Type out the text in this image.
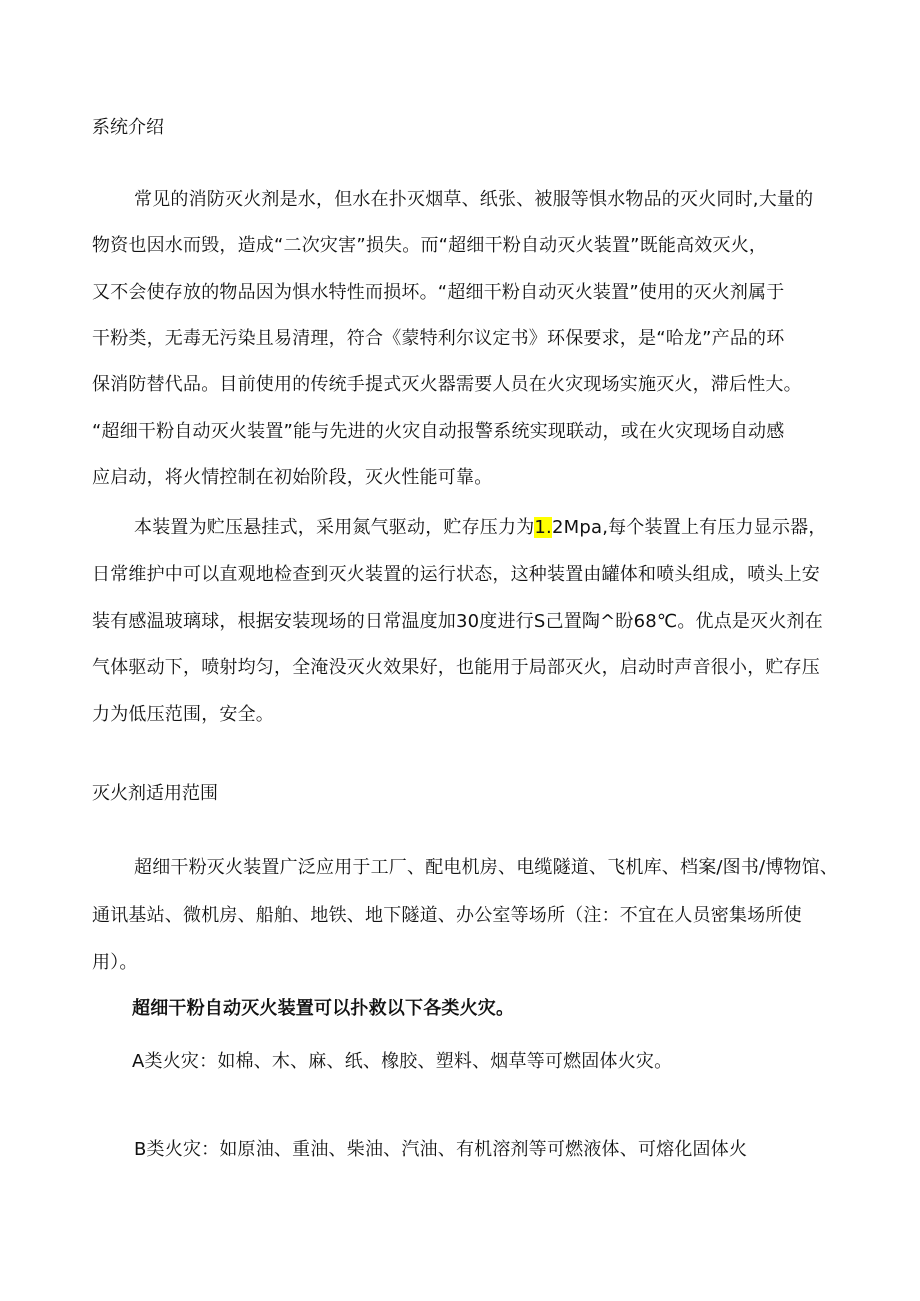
系统介绍
常见的消防灭火剂是水，但水在扑灭烟草、纸张、被服等惧水物品的灭火同时,大量的
物资也因水而毁，造成“二次灾害”损失。而“超细干粉自动灭火装置”既能高效灭火，
又不会使存放的物品因为惧水特性而损坏。“超细干粉自动灭火装置”使用的灭火剂属于
干粉类，无毒无污染且易清理，符合《蒙特利尔议定书》环保要求，是“哈龙”产品的环
保消防替代品。目前使用的传统手提式灭火器需要人员在火灾现场实施灭火，滞后性大。
“超细干粉自动灭火装置”能与先进的火灾自动报警系统实现联动，或在火灾现场自动感
应启动，将火情控制在初始阶段，灭火性能可靠。
本装置为贮压悬挂式，采用氮气驱动，贮存压力为1.2Mpa,每个装置上有压力显示器，
日常维护中可以直观地检查到灭火装置的运行状态，这种装置由罐体和喷头组成，喷头上安
装有感温玻璃球，根据安装现场的日常温度加30度进行S己置陶^盼68℃。优点是灭火剂在
气体驱动下，喷射均匀，全淹没灭火效果好，也能用于局部灭火，启动时声音很小，贮存压
力为低压范围，安全。
灭火剂适用范围
超细干粉灭火装置广泛应用于工厂、配电机房、电缆隧道、飞机库、档案/图书/博物馆、
通讯基站、微机房、船舶、地铁、地下隧道、办公室等场所（注：不宜在人员密集场所使
用）。
超细干粉自动灭火装置可以扑救以下各类火灾。
A类火灾：如棉、木、麻、纸、橡胶、塑料、烟草等可燃固体火灾。
B类火灾：如原油、重油、柴油、汽油、有机溶剂等可燃液体、可熔化固体火
